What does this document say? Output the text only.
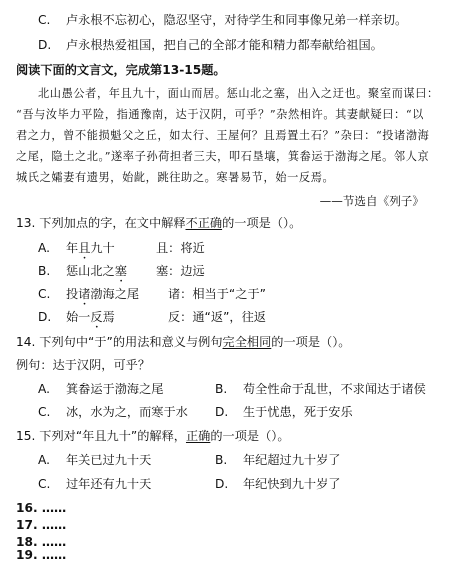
C. 卢永根不忘初心，隐忍坚守，对待学生和同事像兄弟一样亲切。
D. 卢永根热爱祖国，把自己的全部才能和精力都奉献给祖国。
阅读下面的文言文，完成第13-15题。
北山愚公者，年且九十，面山而居。惩山北之塞，出入之迂也。聚室而谋曰：
“吾与汝毕力平险，指通豫南，达于汉阴，可乎？”杂然相许。其妻献疑曰：“以
君之力，曾不能损魁父之丘，如太行、王屋何？且焉置土石？”杂曰：“投诸渤海
之尾，隐土之北。”遂率子孙荷担者三夫，叩石垦壤，箕畚运于渤海之尾。邻人京
城氏之孀妻有遗男，始龀，跳往助之。寒暑易节，始一反焉。
——节选自《列子》
13. 下列加点的字，在文中解释不正确的一项是（）。
A. 年且九十	且：将近
B. 惩山北之塞 塞：边远
C. 投诸渤海之尾 诸：相当于“之于”
D. 始一反焉	反：通“返”，往返
14. 下列句中“于”的用法和意义与例句完全相同的一项是（）。
例句：达于汉阴，可乎？
A. 箕畚运于渤海之尾	B. 苟全性命于乱世，不求闻达于诸侯
C. 冰，水为之，而寒于水 D. 生于忧患，死于安乐
15. 下列对“年且九十”的解释，正确的一项是（）。
A. 年关已过九十天	B. 年纪超过九十岁了
C. 过年还有九十天	D. 年纪快到九十岁了
16. ……
17. ……
18. ……
19. ……
